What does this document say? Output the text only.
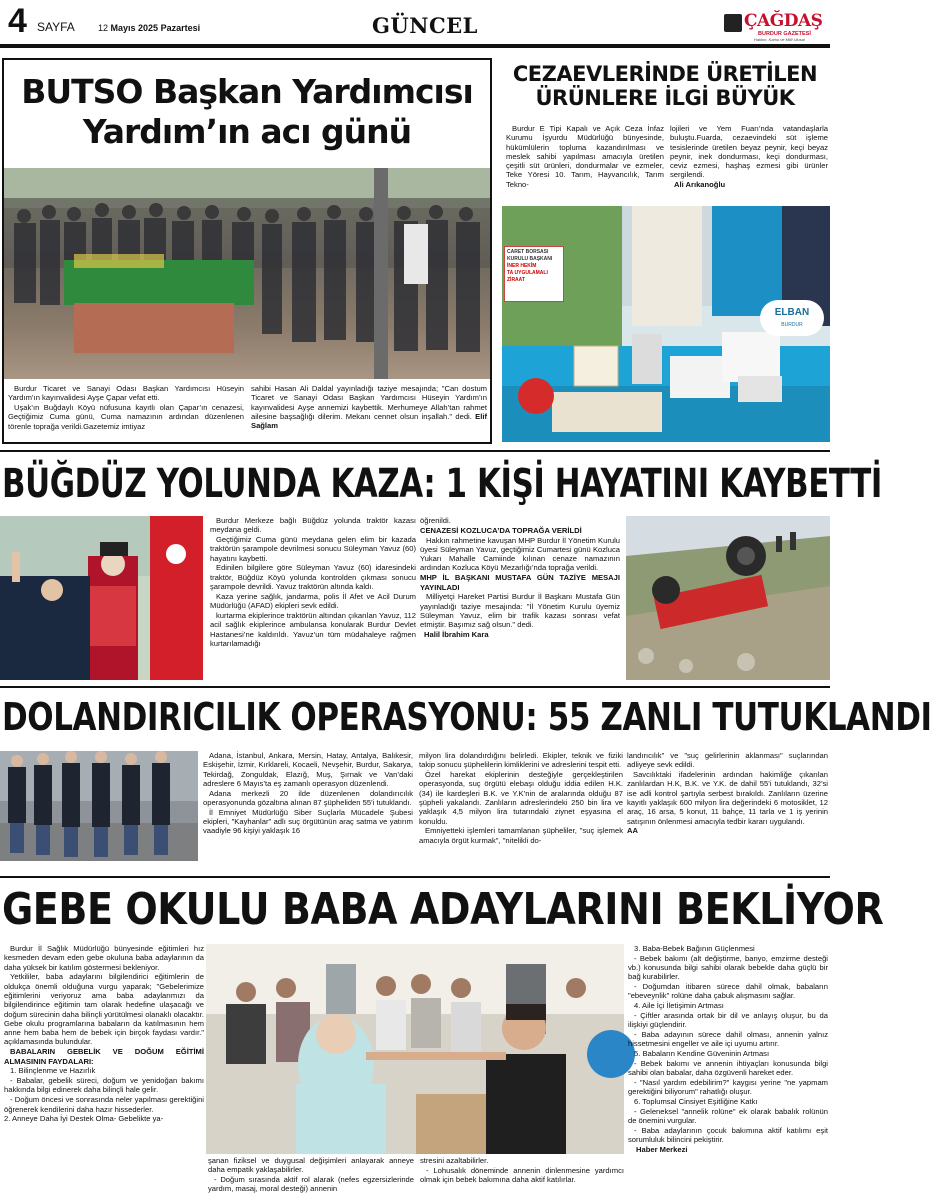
4 SAYFA	12 Mayıs 2025 Pazartesi	GÜNCEL	ÇAĞDAŞ
BURDUR GAZETESİ
Hakkın, Kamu ve Milli Ulusal
BUTSO Başkan Yardımcısı
Yardım’ın acı günü

Burdur Ticaret ve Sanayi Odası Başkan Yardımcısı Hüseyin Yardım’ın kayınvalidesi Ayşe Çapar vefat etti.

Uşak’ın Buğdaylı Köyü nüfusuna kayıtlı olan Çapar’ın cenazesi, Geçtiğimiz Cuma günü, Cuma namazının ardından düzenlenen törenle toprağa verildi.Gazetemiz imtiyaz

sahibi Hasan Ali Daldal yayınladığı taziye mesajında; "Can dostum Ticaret ve Sanayi Odası Başkan Yardımcısı Hüseyin Yardım’ın kayınvalidesi Ayşe annemizi kaybettik. Merhumeye Allah’tan rahmet ailesine başsağlığı dilerim. Mekanı cennet olsun inşallah." dedi. Elif Sağlam

CEZAEVLERİNDE ÜRETİLEN
ÜRÜNLERE İLGİ BÜYÜK

Burdur E Tipi Kapalı ve Açık Ceza İnfaz Kurumu İşyurdu Müdürlüğü bünyesinde, hükümlülerin topluma kazandırılması ve meslek sahibi yapılması amacıyla üretilen çeşitli süt ürünleri, dondurmalar ve ezmeler, Teke Yöresi 10. Tarım, Hayvancılık, Tarım Tekno-

lojileri ve Yem Fuarı’nda vatandaşlarla buluştu.Fuarda, cezaevindeki süt işleme tesislerinde üretilen beyaz peynir, keçi beyaz peynir, inek dondurması, keçi dondurması, ceviz ezmesi, haşhaş ezmesi gibi ürünler sergilendi.

Ali Arıkanoğlu

CARET BORSASI
KURULU BAŞKANI
İNER HEKİM
TA UYGULAMALI ZİRAAT
ELBAN
BURDUR
BÜĞDÜZ YOLUNDA KAZA: 1 KİŞİ HAYATINI KAYBETTİ

Burdur Merkeze bağlı Büğdüz yolunda traktör kazası meydana geldi.

Geçtiğimiz Cuma günü meydana gelen elim bir kazada traktörün şarampole devrilmesi sonucu Süleyman Yavuz (60) hayatını kaybetti.

Edinilen bilgilere göre Süleyman Yavuz (60) idaresindeki traktör, Büğdüz Köyü yolunda kontrolden çıkması sonucu şarampole devrildi. Yavuz traktörün altında kaldı.

Kaza yerine sağlık, jandarma, polis İl Afet ve Acil Durum Müdürlüğü (AFAD) ekipleri sevk edildi.

kurtarma ekiplerince traktörün altından çıkarılan Yavuz, 112 acil sağlık ekiplerince ambulansa konularak Burdur Devlet Hastanesi’ne kaldırıldı. Yavuz’un tüm müdahaleye rağmen kurtarılamadığı

öğrenildi.

CENAZESİ KOZLUCA’DA TOPRAĞA VERİLDİ

Hakkın rahmetine kavuşan MHP Burdur İl Yönetim Kurulu üyesi Süleyman Yavuz, geçtiğimiz Cumartesi günü Kozluca Yukarı Mahalle Camiinde kılınan cenaze namazının ardından Kozluca Köyü Mezarlığı’nda toprağa verildi.

MHP İL BAŞKANI MUSTAFA GÜN TAZİYE MESAJI YAYINLADI

Milliyetçi Hareket Partisi Burdur İl Başkanı Mustafa Gün yayınladığı taziye mesajında: "İl Yönetim Kurulu üyemiz Süleyman Yavuz, elim bir trafik kazası sonrası vefat etmiştir. Başımız sağ olsun." dedi.

Halil İbrahim Kara

DOLANDIRICILIK OPERASYONU: 55 ZANLI TUTUKLANDI

Adana, İstanbul, Ankara, Mersin, Hatay, Antalya, Balıkesir, Eskişehir, İzmir, Kırklareli, Kocaeli, Nevşehir, Burdur, Sakarya, Tekirdağ, Zonguldak, Elazığ, Muş, Şırnak ve Van’daki adreslere 6 Mayıs’ta eş zamanlı operasyon düzenlendi.

Adana merkezli 20 ilde düzenlenen dolandırıcılık operasyonunda gözaltına alınan 87 şüpheliden 55’i tutuklandı.

İl Emniyet Müdürlüğü Siber Suçlarla Mücadele Şubesi ekipleri, "Kayhanlar" adlı suç örgütünün araç satma ve yatırım vaadiyle 96 kişiyi yaklaşık 16

milyon lira dolandırdığını belirledi. Ekipler, teknik ve fiziki takip sonucu şüphelilerin kimliklerini ve adreslerini tespit etti.

Özel harekat ekiplerinin desteğiyle gerçekleştirilen operasyonda, suç örgütü elebaşı olduğu iddia edilen H.K. (34) ile kardeşleri B.K. ve Y.K’nin de aralarında olduğu 87 şüpheli yakalandı. Zanlıların adreslerindeki 250 bin lira ve yaklaşık 4,5 milyon lira tutarındaki ziynet eşyasına el konuldu.

Emniyetteki işlemleri tamamlanan şüpheliler, "suç işlemek amacıyla örgüt kurmak", "nitelikli do-

landırıcılık" ve "suç gelirlerinin aklanması" suçlarından adliyeye sevk edildi.

Savcılıktaki ifadelerinin ardından hakimliğe çıkarılan zanlılardan H.K, B.K. ve Y.K. de dahil 55’i tutuklandı, 32’si ise adli kontrol şartıyla serbest bırakıldı. Zanlıların üzerine kayıtlı yaklaşık 600 milyon lira değerindeki 6 motosiklet, 12 araç, 16 arsa, 5 konut, 11 bahçe, 11 tarla ve 1 iş yerinin satışının önlenmesi amacıyla tedbir kararı uygulandı.

AA

GEBE OKULU BABA ADAYLARINI BEKLİYOR

Burdur İl Sağlık Müdürlüğü bünyesinde eğitimleri hız kesmeden devam eden gebe okuluna baba adaylarının da daha yüksek bir katılım göstermesi bekleniyor.

Yetkililer, baba adaylarını bilgilendirici eğitimlerin de oldukça önemli olduğuna vurgu yaparak; "Gebelerimize eğitimlerini veriyoruz ama baba adaylarımızı da bilgilendirince eğitimin tam olarak hedefine ulaşacağı ve doğum sürecinin daha bilinçli yürütülmesi olanaklı olacaktır. Gebe okulu programlarına babaların da katılmasının hem anne hem baba hem de bebek için birçok faydası vardır." açıklamasında bulundular.

BABALARIN GEBELİK VE DOĞUM EĞİTİMİ ALMASININ FAYDALARI:

1. Bilinçlenme ve Hazırlık

- Babalar, gebelik süreci, doğum ve yenidoğan bakımı hakkında bilgi edinerek daha bilinçli hale gelir.

- Doğum öncesi ve sonrasında neler yapılması gerektiğini öğrenerek kendilerini daha hazır hissederler.

2. Anneye Daha İyi Destek Olma- Gebelikte ya-

şanan fiziksel ve duygusal değişimleri anlayarak anneye daha empatik yaklaşabilirler.

- Doğum sırasında aktif rol alarak (nefes egzersizlerinde yardım, masaj, moral desteği) annenin

stresini azaltabilirler.

- Lohusalık döneminde annenin dinlenmesine yardımcı olmak için bebek bakımına daha aktif katılırlar.

3. Baba-Bebek Bağının Güçlenmesi

- Bebek bakımı (alt değiştirme, banyo, emzirme desteği vb.) konusunda bilgi sahibi olarak bebekle daha güçlü bir bağ kurabilirler.

- Doğumdan itibaren sürece dahil olmak, babaların "ebeveynlik" rolüne daha çabuk alışmasını sağlar.

4. Aile İçi İletişimin Artması

- Çiftler arasında ortak bir dil ve anlayış oluşur, bu da ilişkiyi güçlendirir.

- Baba adayının sürece dahil olması, annenin yalnız hissetmesini engeller ve aile içi uyumu artırır.

5. Babaların Kendine Güveninin Artması

- Bebek bakımı ve annenin ihtiyaçları konusunda bilgi sahibi olan babalar, daha özgüvenli hareket eder.

- "Nasıl yardım edebilirim?" kaygısı yerine "ne yapmam gerektiğini biliyorum" rahatlığı oluşur.

6. Toplumsal Cinsiyet Eşitliğine Katkı

- Geleneksel "annelik rolüne" ek olarak babalık rolünün de önemini vurgular.

- Baba adaylarının çocuk bakımına aktif katılımı eşit sorumluluk bilincini pekiştirir.

Haber Merkezi
